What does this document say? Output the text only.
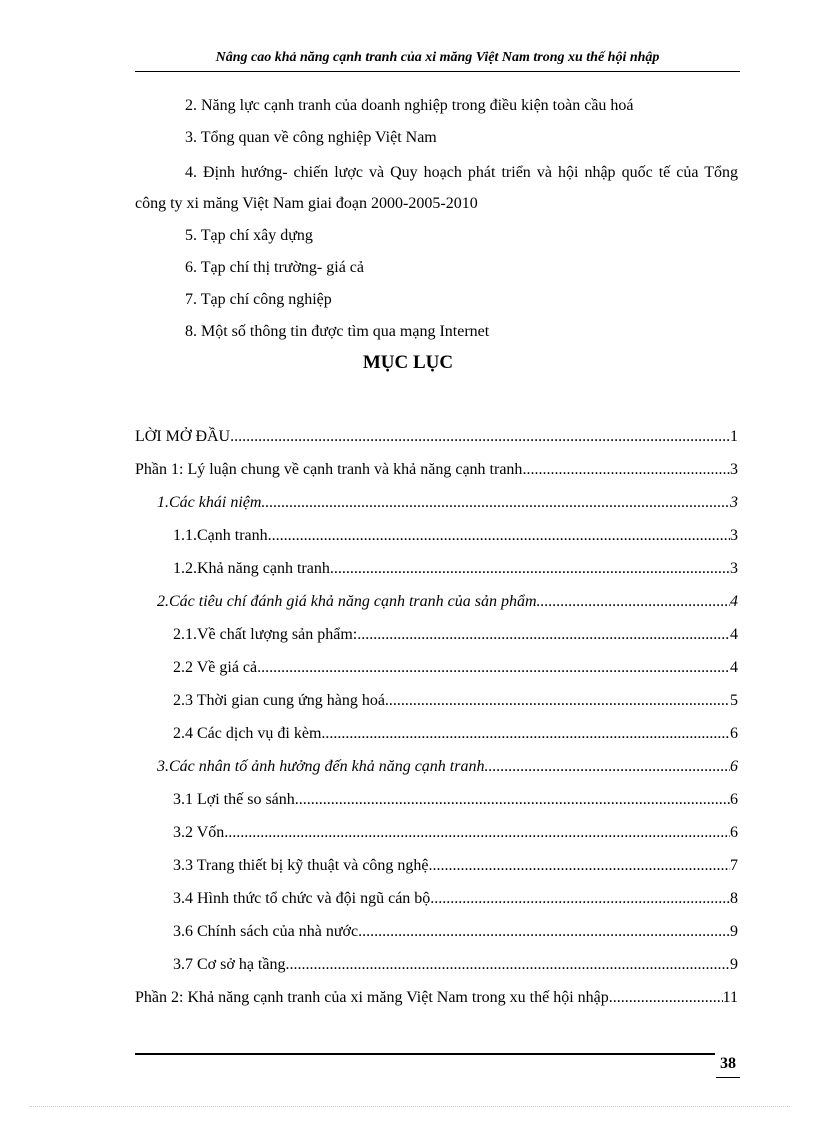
Nâng cao khả năng cạnh tranh của xi măng Việt Nam trong xu thế hội nhập
2. Năng lực cạnh tranh của doanh nghiệp trong điều kiện toàn cầu hoá
3. Tổng quan về công nghiệp Việt Nam
4. Định hướng- chiến lược và Quy hoạch phát triển và hội nhập quốc tế của Tổng công ty xi măng Việt Nam giai đoạn 2000-2005-2010
5. Tạp chí xây dựng
6. Tạp chí thị trường- giá cả
7. Tạp chí công nghiệp
8. Một số thông tin được tìm qua mạng Internet
MỤC LỤC
LỜI MỞ ĐẦU .....	1
Phần 1: Lý luận chung về cạnh tranh và khả năng cạnh tranh .....	3
1.Các khái niệm .....	3
1.1.Cạnh tranh .....	3
1.2.Khả năng cạnh tranh .....	3
2.Các tiêu chí đánh giá khả năng cạnh tranh của sản phẩm .....	4
2.1.Về chất lượng sản phẩm: .....	4
2.2 Về giá cả .....	4
2.3 Thời gian cung ứng hàng hoá .....	5
2.4 Các dịch vụ đi kèm .....	6
3.Các nhân tố ảnh hưởng đến khả năng cạnh tranh .....	6
3.1 Lợi thế so sánh .....	6
3.2 Vốn .....	6
3.3 Trang thiết bị kỹ thuật và công nghệ .....	7
3.4 Hình thức tổ chức và đội ngũ cán bộ .....	8
3.6 Chính sách của nhà nước .....	9
3.7 Cơ sở hạ tầng .....	9
Phần 2: Khả năng cạnh tranh của xi măng Việt Nam trong xu thế hội nhập .....	11
38
